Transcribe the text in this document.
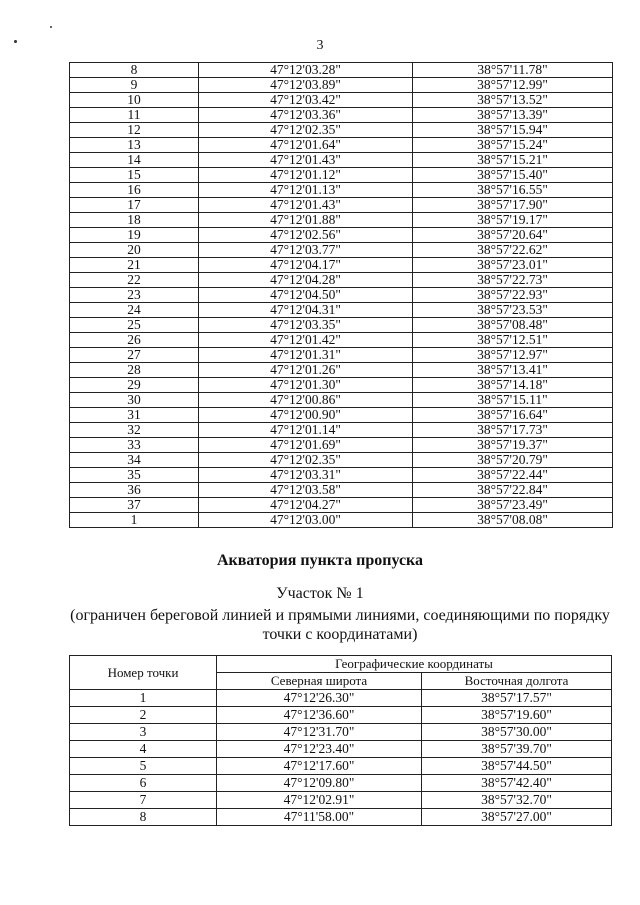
3
8	47°12'03.28"	38°57'11.78"
9	47°12'03.89"	38°57'12.99"
10	47°12'03.42"	38°57'13.52"
11	47°12'03.36"	38°57'13.39"
12	47°12'02.35"	38°57'15.94"
13	47°12'01.64"	38°57'15.24"
14	47°12'01.43"	38°57'15.21"
15	47°12'01.12"	38°57'15.40"
16	47°12'01.13"	38°57'16.55"
17	47°12'01.43"	38°57'17.90"
18	47°12'01.88"	38°57'19.17"
19	47°12'02.56"	38°57'20.64"
20	47°12'03.77"	38°57'22.62"
21	47°12'04.17"	38°57'23.01"
22	47°12'04.28"	38°57'22.73"
23	47°12'04.50"	38°57'22.93"
24	47°12'04.31"	38°57'23.53"
25	47°12'03.35"	38°57'08.48"
26	47°12'01.42"	38°57'12.51"
27	47°12'01.31"	38°57'12.97"
28	47°12'01.26"	38°57'13.41"
29	47°12'01.30"	38°57'14.18"
30	47°12'00.86"	38°57'15.11"
31	47°12'00.90"	38°57'16.64"
32	47°12'01.14"	38°57'17.73"
33	47°12'01.69"	38°57'19.37"
34	47°12'02.35"	38°57'20.79"
35	47°12'03.31"	38°57'22.44"
36	47°12'03.58"	38°57'22.84"
37	47°12'04.27"	38°57'23.49"
1	47°12'03.00"	38°57'08.08"
Акватория пункта пропуска
Участок № 1
(ограничен береговой линией и прямыми линиями, соединяющими по порядку
точки с координатами)
Номер точки	Географические координаты	
	Северная широта	Восточная долгота
1	47°12'26.30"	38°57'17.57"
2	47°12'36.60"	38°57'19.60"
3	47°12'31.70"	38°57'30.00"
4	47°12'23.40"	38°57'39.70"
5	47°12'17.60"	38°57'44.50"
6	47°12'09.80"	38°57'42.40"
7	47°12'02.91"	38°57'32.70"
8	47°11'58.00"	38°57'27.00"
